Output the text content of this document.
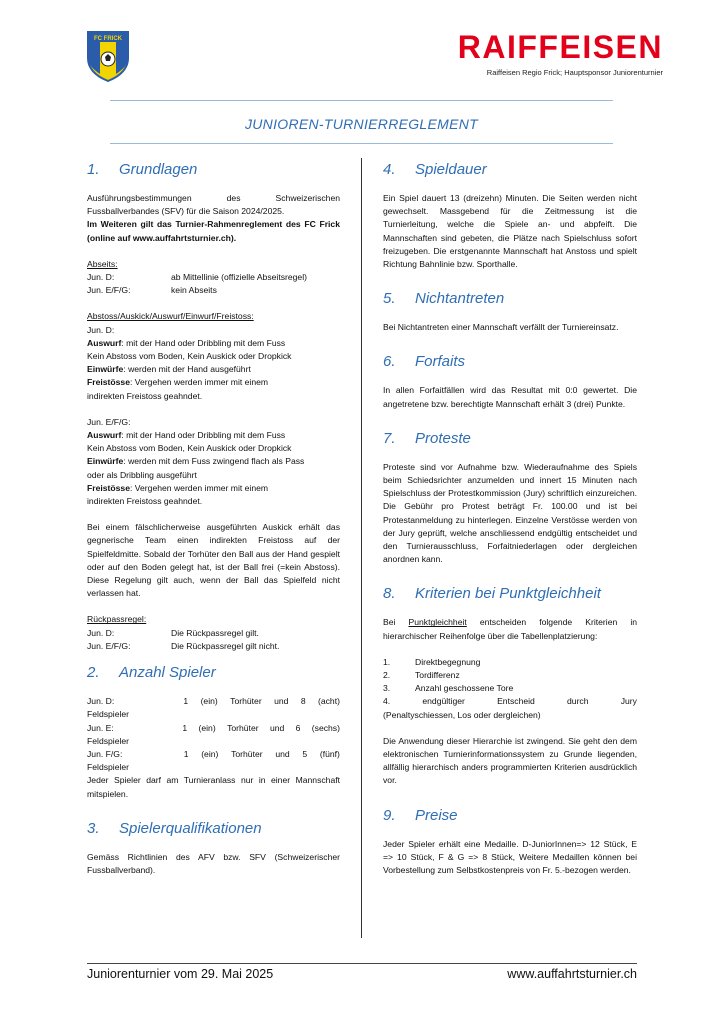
FC FRICK	RAIFFEISEN
Raiffeisen Regio Frick; Hauptsponsor Juniorenturnier
JUNIOREN-TURNIERREGLEMENT
1.	Grundlagen
Ausführungsbestimmungen des Schweizerischen Fussballverbandes (SFV) für die Saison 2024/2025.
Im Weiteren gilt das Turnier-Rahmenreglement des FC Frick (online auf www.auffahrtsturnier.ch).
Abseits:
Jun. D:	ab Mittellinie (offizielle Abseitsregel)
Jun. E/F/G:	kein Abseits
Abstoss/Auskick/Auswurf/Einwurf/Freistoss:
Jun. D:
Auswurf: mit der Hand oder Dribbling mit dem Fuss
Kein Abstoss vom Boden, Kein Auskick oder Dropkick
Einwürfe: werden mit der Hand ausgeführt
Freistösse: Vergehen werden immer mit einem
indirekten Freistoss geahndet.
Jun. E/F/G:
Auswurf: mit der Hand oder Dribbling mit dem Fuss
Kein Abstoss vom Boden, Kein Auskick oder Dropkick
Einwürfe: werden mit dem Fuss zwingend flach als Pass
oder als Dribbling ausgeführt
Freistösse: Vergehen werden immer mit einem
indirekten Freistoss geahndet.
Bei einem fälschlicherweise ausgeführten Auskick erhält das gegnerische Team einen indirekten Freistoss auf der Spielfeldmitte. Sobald der Torhüter den Ball aus der Hand gespielt oder auf den Boden gelegt hat, ist der Ball frei (=kein Abstoss). Diese Regelung gilt auch, wenn der Ball das Spielfeld nicht verlassen hat.
Rückpassregel:
Jun. D:	Die Rückpassregel gilt.
Jun. E/F/G:	Die Rückpassregel gilt nicht.
2.	Anzahl Spieler
Jun. D:	1 (ein) Torhüter und 8 (acht)
Feldspieler
Jun. E:	1 (ein) Torhüter und 6 (sechs)
Feldspieler
Jun. F/G:	1 (ein) Torhüter und 5 (fünf)
Feldspieler
Jeder Spieler darf am Turnieranlass nur in einer Mannschaft mitspielen.
3.	Spielerqualifikationen
Gemäss Richtlinien des AFV bzw. SFV (Schweizerischer Fussballverband).
4.	Spieldauer
Ein Spiel dauert 13 (dreizehn) Minuten. Die Seiten werden nicht gewechselt. Massgebend für die Zeitmessung ist die Turnierleitung, welche die Spiele an- und abpfeift. Die Mannschaften sind gebeten, die Plätze nach Spielschluss sofort freizugeben. Die erstgenannte Mannschaft hat Anstoss und spielt Richtung Bahnlinie bzw. Sporthalle.
5.	Nichtantreten
Bei Nichtantreten einer Mannschaft verfällt der Turniereinsatz.
6.	Forfaits
In allen Forfaitfällen wird das Resultat mit 0:0 gewertet. Die angetretene bzw. berechtigte Mannschaft erhält 3 (drei) Punkte.
7.	Proteste
Proteste sind vor Aufnahme bzw. Wiederaufnahme des Spiels beim Schiedsrichter anzumelden und innert 15 Minuten nach Spielschluss der Protestkommission (Jury) schriftlich einzureichen. Die Gebühr pro Protest beträgt Fr. 100.00 und ist bei Protestanmeldung zu hinterlegen. Einzelne Verstösse werden von der Jury geprüft, welche anschliessend endgültig entscheidet und den Turnierausschluss, Forfaitniederlagen oder dergleichen anordnen kann.
8.	Kriterien bei Punktgleichheit
Bei Punktgleichheit entscheiden folgende Kriterien in hierarchischer Reihenfolge über die Tabellenplatzierung:
1.	Direktbegegnung
2.	Tordifferenz
3.	Anzahl geschossene Tore
4.	endgültiger	Entscheid	durch	Jury
(Penaltyschiessen, Los oder dergleichen)
Die Anwendung dieser Hierarchie ist zwingend. Sie geht den dem elektronischen Turnierinformationssystem zu Grunde liegenden, allfällig hierarchisch anders programmierten Kriterien ausdrücklich vor.
9.	Preise
Jeder Spieler erhält eine Medaille. D-JuniorInnen=> 12 Stück, E => 10 Stück, F & G => 8 Stück, Weitere Medaillen können bei Vorbestellung zum Selbstkostenpreis von Fr. 5.-bezogen werden.
Juniorenturnier vom 29. Mai 2025	www.auffahrtsturnier.ch
